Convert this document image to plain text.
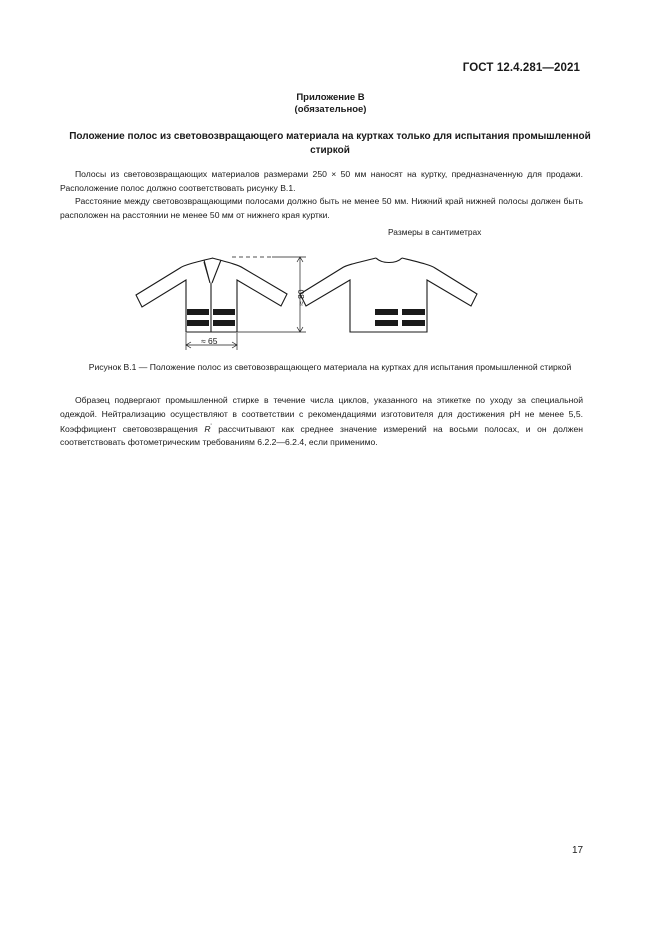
ГОСТ 12.4.281—2021
Приложение В
(обязательное)
Положение полос из световозвращающего материала на куртках только для испытания промышленной стиркой

Полосы из световозвращающих материалов размерами 250 × 50 мм наносят на куртку, предназначенную для продажи. Расположение полос должно соответствовать рисунку В.1.

Расстояние между световозвращающими полосами должно быть не менее 50 мм. Нижний край нижней полосы должен быть расположен на расстоянии не менее 50 мм от нижнего края куртки.

Размеры в сантиметрах
≈ 80
≈ 65
Рисунок В.1 — Положение полос из световозвращающего материала на куртках для испытания промышленной стиркой

Образец подвергают промышленной стирке в течение числа циклов, указанного на этикетке по уходу за специальной одеждой. Нейтрализацию осуществляют в соответствии с рекомендациями изготовителя для достижения pH не менее 5,5. Коэффициент световозвращения R' рассчитывают как среднее значение измерений на восьми полосах, и он должен соответствовать фотометрическим требованиям 6.2.2—6.2.4, если применимо.

17
